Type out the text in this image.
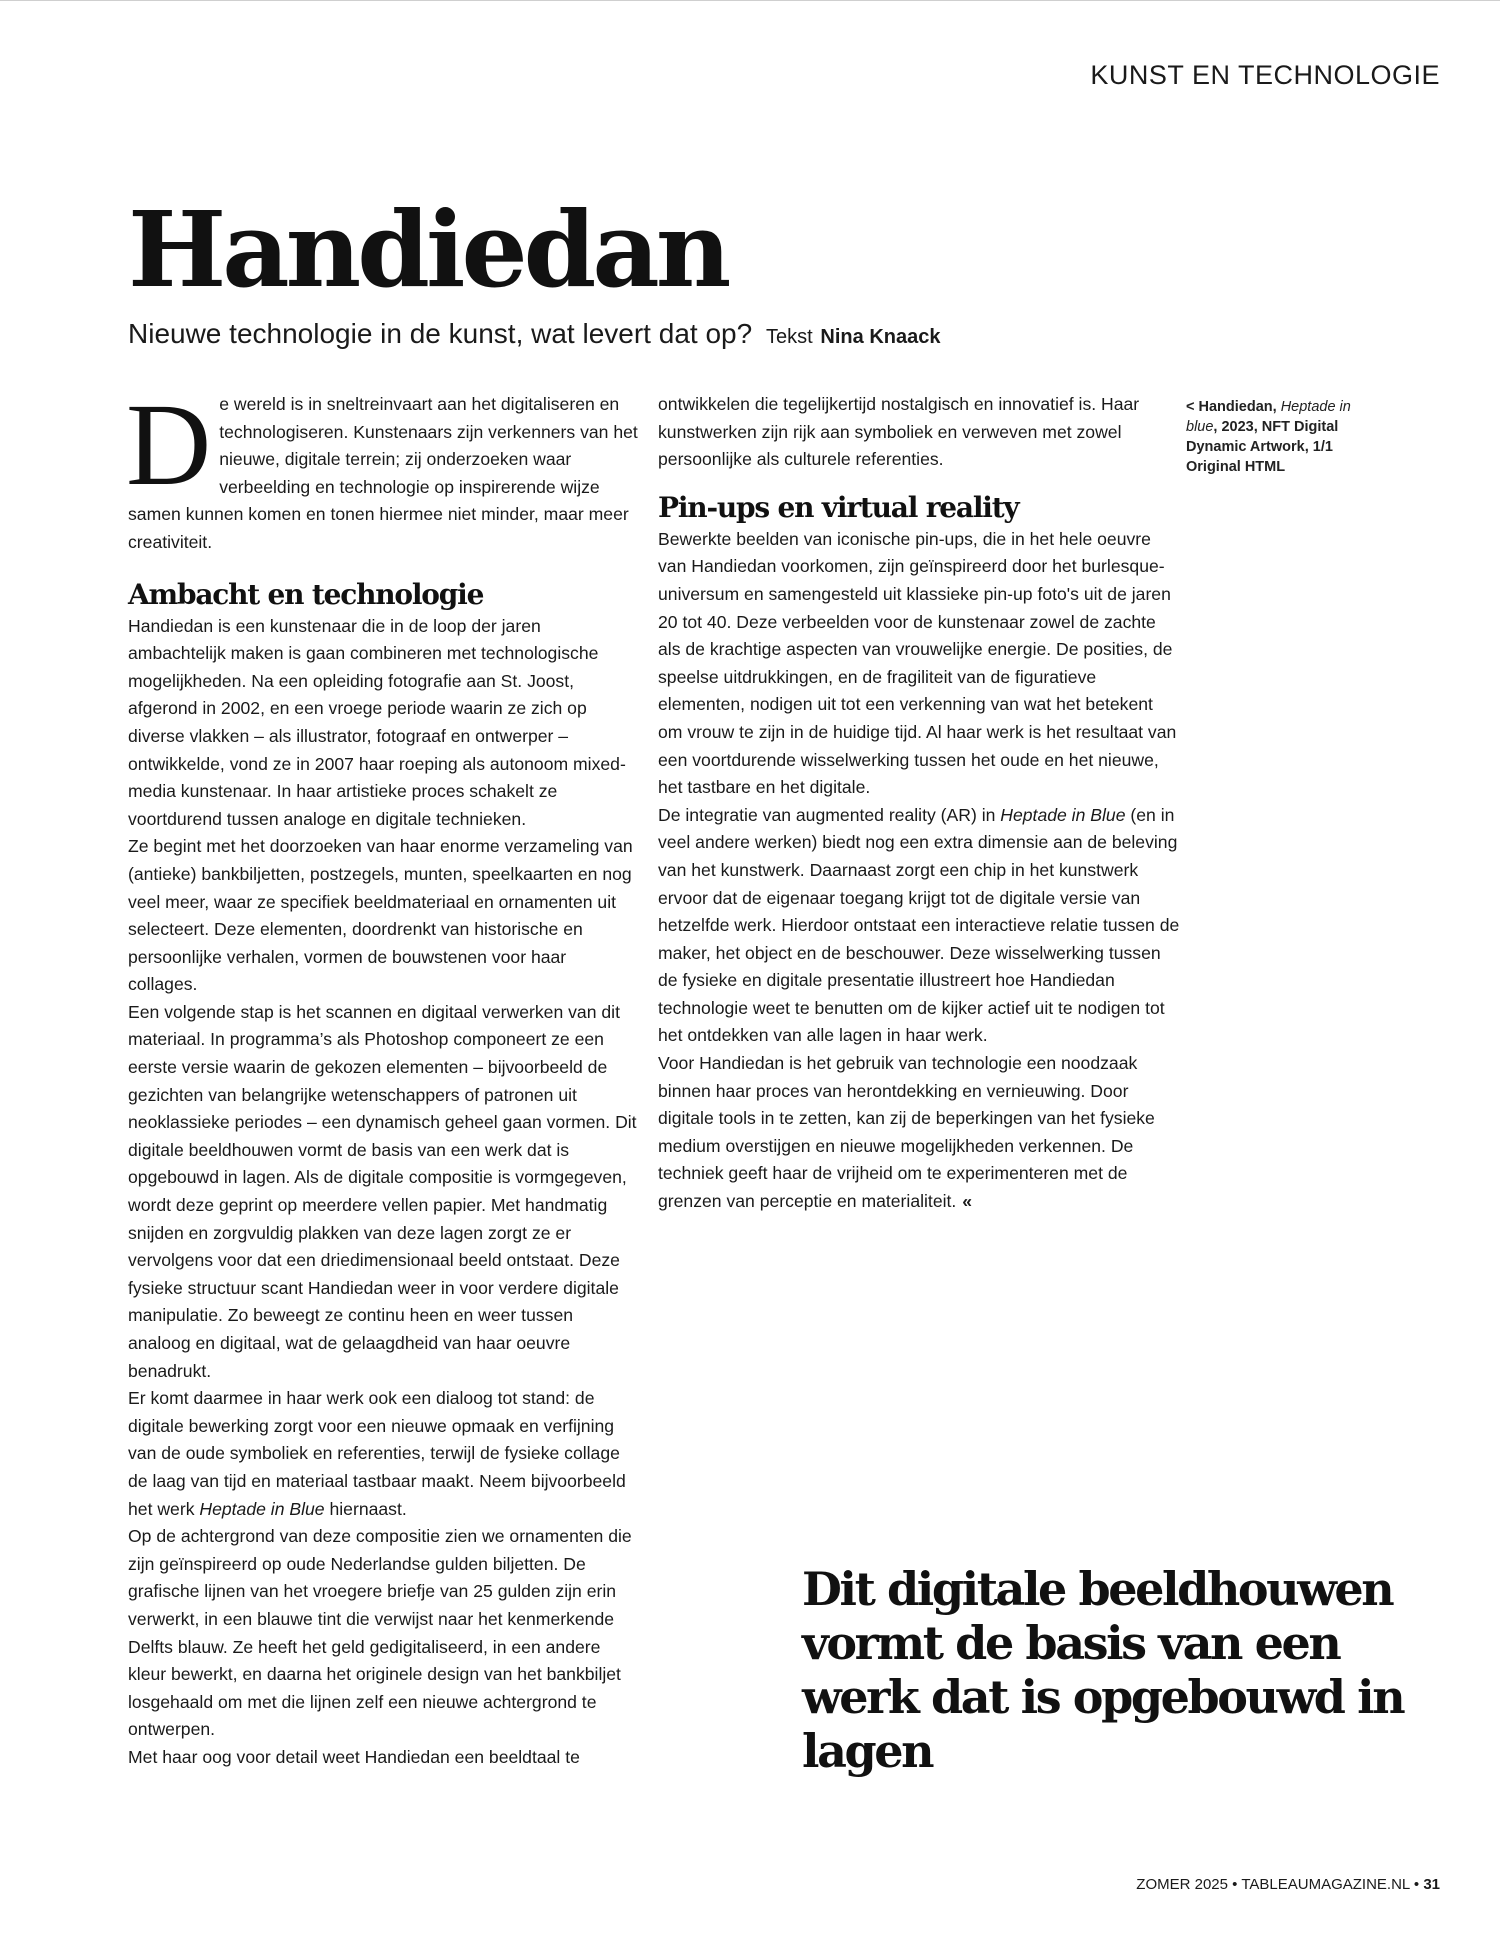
KUNST EN TECHNOLOGIE
Handiedan
Nieuwe technologie in de kunst, wat levert dat op? Tekst Nina Knaack

De wereld is in sneltreinvaart aan het digitaliseren en technologiseren. Kunstenaars zijn verkenners van het nieuwe, digitale terrein; zij onderzoeken waar verbeelding en technologie op inspirerende wijze samen kunnen komen en tonen hiermee niet minder, maar meer creativiteit.

Ambacht en technologie

Handiedan is een kunstenaar die in de loop der jaren ambachtelijk maken is gaan combineren met technologische mogelijkheden. Na een opleiding fotografie aan St. Joost, afgerond in 2002, en een vroege periode waarin ze zich op diverse vlakken – als illustrator, fotograaf en ontwerper – ontwikkelde, vond ze in 2007 haar roeping als autonoom mixed-media kunstenaar. In haar artistieke proces schakelt ze voortdurend tussen analoge en digitale technieken.

Ze begint met het doorzoeken van haar enorme verzameling van (antieke) bankbiljetten, postzegels, munten, speelkaarten en nog veel meer, waar ze specifiek beeldmateriaal en ornamenten uit selecteert. Deze elementen, doordrenkt van historische en persoonlijke verhalen, vormen de bouwstenen voor haar collages.

Een volgende stap is het scannen en digitaal verwerken van dit materiaal. In programma’s als Photoshop componeert ze een eerste versie waarin de gekozen elementen – bijvoorbeeld de gezichten van belangrijke wetenschappers of patronen uit neoklassieke periodes – een dynamisch geheel gaan vormen. Dit digitale beeldhouwen vormt de basis van een werk dat is opgebouwd in lagen. Als de digitale compositie is vormgegeven, wordt deze geprint op meerdere vellen papier. Met handmatig snijden en zorgvuldig plakken van deze lagen zorgt ze er vervolgens voor dat een driedimensionaal beeld ontstaat. Deze fysieke structuur scant Handiedan weer in voor verdere digitale manipulatie. Zo beweegt ze continu heen en weer tussen analoog en digitaal, wat de gelaagdheid van haar oeuvre benadrukt.

Er komt daarmee in haar werk ook een dialoog tot stand: de digitale bewerking zorgt voor een nieuwe opmaak en verfijning van de oude symboliek en referenties, terwijl de fysieke collage de laag van tijd en materiaal tastbaar maakt. Neem bijvoorbeeld het werk Heptade in Blue hiernaast.

Op de achtergrond van deze compositie zien we ornamenten die zijn geïnspireerd op oude Nederlandse gulden biljetten. De grafische lijnen van het vroegere briefje van 25 gulden zijn erin verwerkt, in een blauwe tint die verwijst naar het kenmerkende Delfts blauw. Ze heeft het geld gedigitaliseerd, in een andere kleur bewerkt, en daarna het originele design van het bankbiljet losgehaald om met die lijnen zelf een nieuwe achtergrond te ontwerpen.

Met haar oog voor detail weet Handiedan een beeldtaal te

ontwikkelen die tegelijkertijd nostalgisch en innovatief is. Haar kunstwerken zijn rijk aan symboliek en verweven met zowel persoonlijke als culturele referenties.

Pin-ups en virtual reality

Bewerkte beelden van iconische pin-ups, die in het hele oeuvre van Handiedan voorkomen, zijn geïnspireerd door het burlesque-universum en samengesteld uit klassieke pin-up foto's uit de jaren 20 tot 40. Deze verbeelden voor de kunstenaar zowel de zachte als de krachtige aspecten van vrouwelijke energie. De posities, de speelse uitdrukkingen, en de fragiliteit van de figuratieve elementen, nodigen uit tot een verkenning van wat het betekent om vrouw te zijn in de huidige tijd. Al haar werk is het resultaat van een voortdurende wisselwerking tussen het oude en het nieuwe, het tastbare en het digitale.

De integratie van augmented reality (AR) in Heptade in Blue (en in veel andere werken) biedt nog een extra dimensie aan de beleving van het kunstwerk. Daarnaast zorgt een chip in het kunstwerk ervoor dat de eigenaar toegang krijgt tot de digitale versie van hetzelfde werk. Hierdoor ontstaat een interactieve relatie tussen de maker, het object en de beschouwer. Deze wisselwerking tussen de fysieke en digitale presentatie illustreert hoe Handiedan technologie weet te benutten om de kijker actief uit te nodigen tot het ontdekken van alle lagen in haar werk.

Voor Handiedan is het gebruik van technologie een noodzaak binnen haar proces van herontdekking en vernieuwing. Door digitale tools in te zetten, kan zij de beperkingen van het fysieke medium overstijgen en nieuwe mogelijkheden verkennen. De techniek geeft haar de vrijheid om te experimenteren met de grenzen van perceptie en materialiteit. «

< Handiedan, Heptade in blue, 2023, NFT Digital Dynamic Artwork, 1/1 Original HTML

Dit digitale beeldhouwen vormt de basis van een werk dat is opgebouwd in lagen

ZOMER 2025 • TABLEAUMAGAZINE.NL • 31
